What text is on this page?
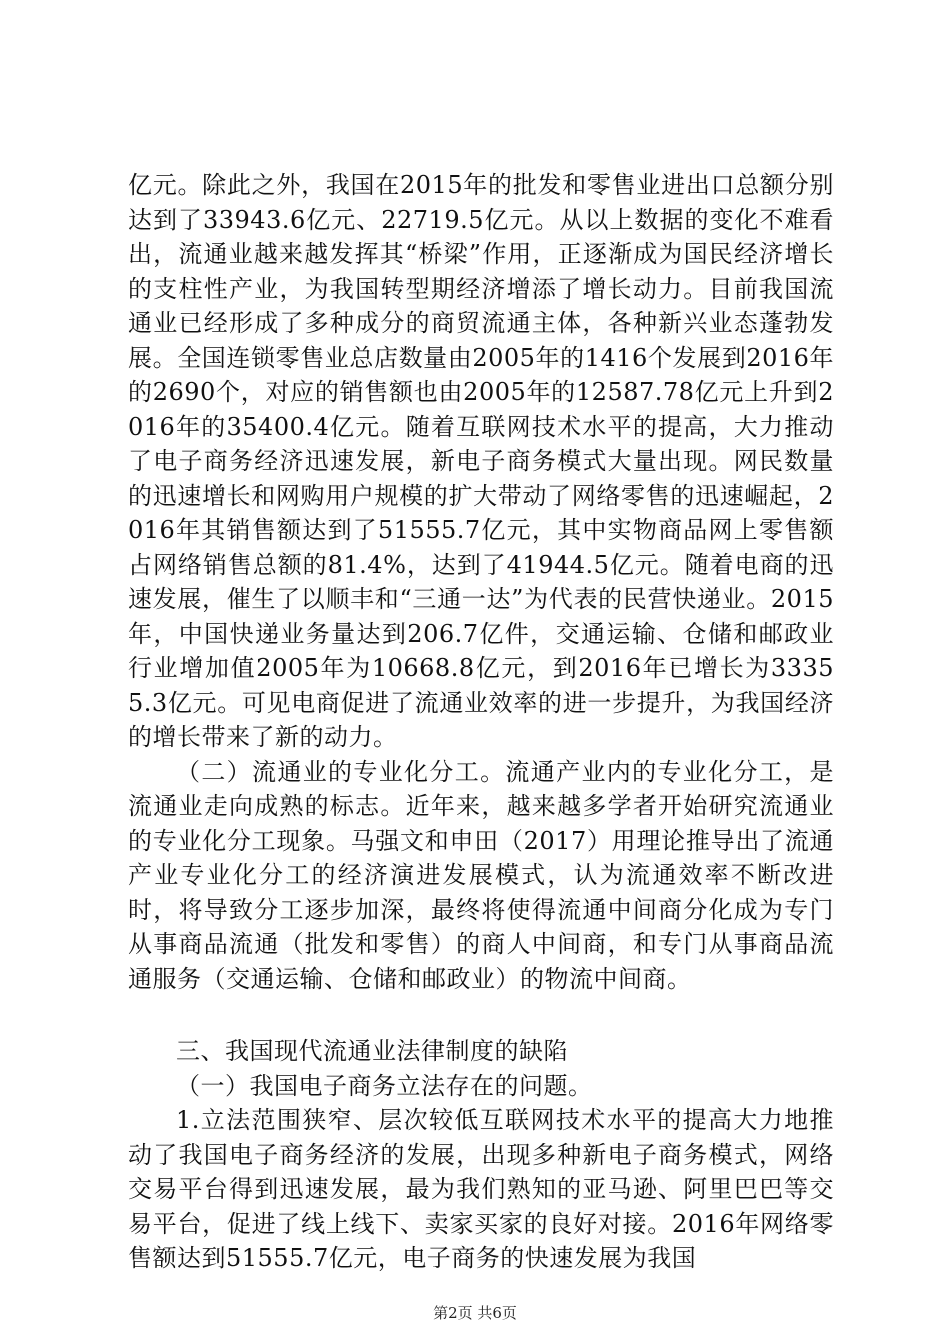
亿元。除此之外，我国在2015年的批发和零售业进出口总额分别达到了33943.6亿元、22719.5亿元。从以上数据的变化不难看出，流通业越来越发挥其“桥梁”作用，正逐渐成为国民经济增长的支柱性产业，为我国转型期经济增添了增长动力。目前我国流通业已经形成了多种成分的商贸流通主体，各种新兴业态蓬勃发展。全国连锁零售业总店数量由2005年的1416个发展到2016年的2690个，对应的销售额也由2005年的12587.78亿元上升到2016年的35400.4亿元。随着互联网技术水平的提高，大力推动了电子商务经济迅速发展，新电子商务模式大量出现。网民数量的迅速增长和网购用户规模的扩大带动了网络零售的迅速崛起，2016年其销售额达到了51555.7亿元，其中实物商品网上零售额占网络销售总额的81.4%，达到了41944.5亿元。随着电商的迅速发展，催生了以顺丰和“三通一达”为代表的民营快递业。2015年，中国快递业务量达到206.7亿件，交通运输、仓储和邮政业行业增加值2005年为10668.8亿元，到2016年已增长为33355.3亿元。可见电商促进了流通业效率的进一步提升，为我国经济的增长带来了新的动力。

（二）流通业的专业化分工。流通产业内的专业化分工，是流通业走向成熟的标志。近年来，越来越多学者开始研究流通业的专业化分工现象。马强文和申田（2017）用理论推导出了流通产业专业化分工的经济演进发展模式，认为流通效率不断改进时，将导致分工逐步加深，最终将使得流通中间商分化成为专门从事商品流通（批发和零售）的商人中间商，和专门从事商品流通服务（交通运输、仓储和邮政业）的物流中间商。

三、我国现代流通业法律制度的缺陷

（一）我国电子商务立法存在的问题。

1.立法范围狭窄、层次较低互联网技术水平的提高大力地推动了我国电子商务经济的发展，出现多种新电子商务模式，网络交易平台得到迅速发展，最为我们熟知的亚马逊、阿里巴巴等交易平台，促进了线上线下、卖家买家的良好对接。2016年网络零售额达到51555.7亿元，电子商务的快速发展为我国

第2页 共6页
